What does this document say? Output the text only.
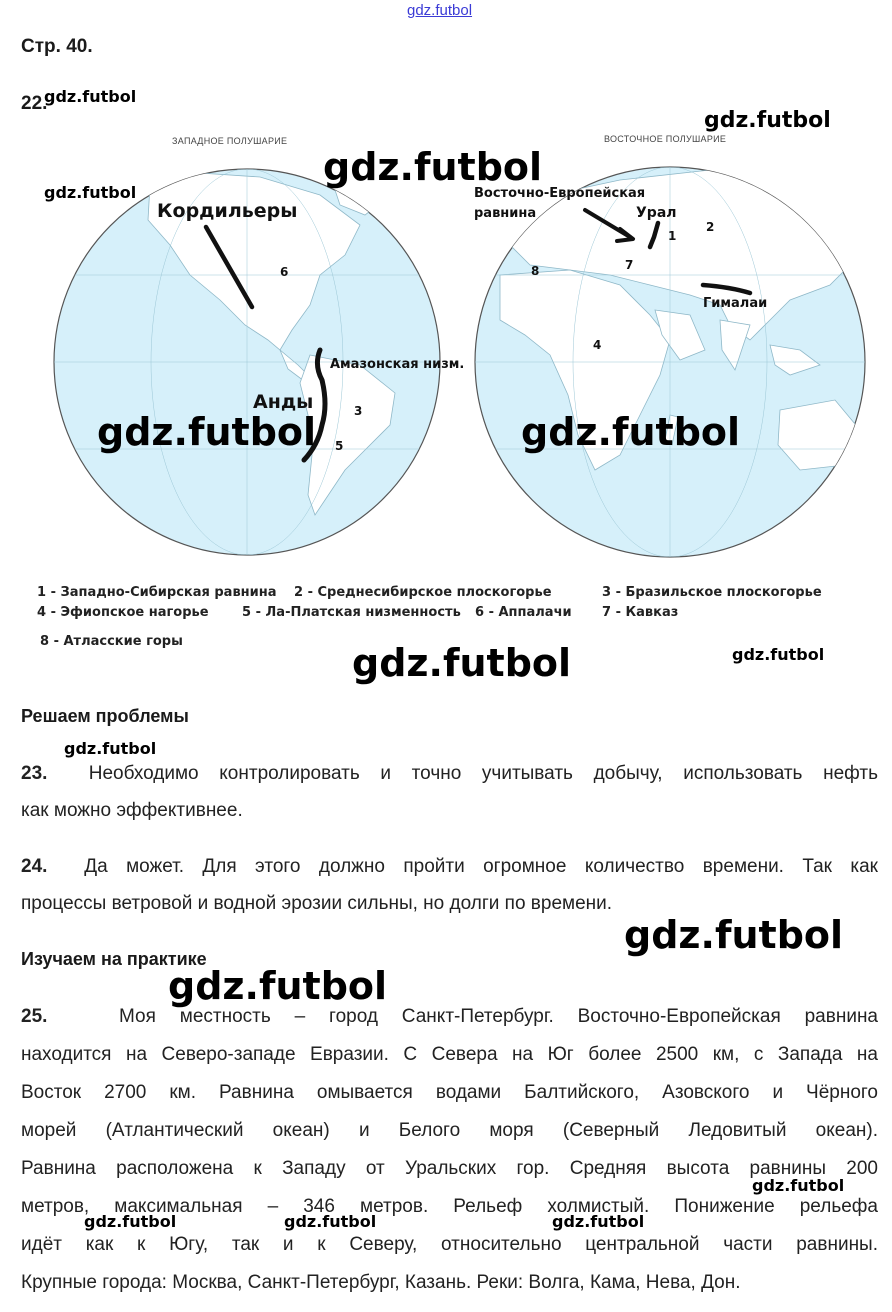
gdz.futbol
Стр. 40.
22.
ЗАПАДНОЕ ПОЛУШАРИЕ	ВОСТОЧНОЕ ПОЛУШАРИЕ
Кордильеры
Анды
Амазонская низм.
Восточно-Европейская
равнина	Урал
Гималаи
1
2
3
4
5
6	7
8
1 - Западно-Сибирская равнина 2 - Среднесибирское плоскогорье	3 - Бразильское плоскогорье
4 - Эфиопское нагорье	5 - Ла-Платская низменность 6 - Аппалачи 7 - Кавказ
8 - Атласские горы
Решаем проблемы
23. Необходимо контролировать и точно учитывать добычу, использовать нефть
как можно эффективнее.
24. Да может. Для этого должно пройти огромное количество времени. Так как
процессы ветровой и водной эрозии сильны, но долги по времени.
Изучаем на практике
25.	Моя местность – город Санкт-Петербург. Восточно-Европейская равнина
находится на Северо-западе Евразии. С Севера на Юг более 2500 км, с Запада на
Восток 2700 км. Равнина омывается водами Балтийского, Азовского и Чёрного
морей (Атлантический океан) и Белого моря (Северный Ледовитый океан).
Равнина расположена к Западу от Уральских гор. Средняя высота равнины 200
метров, максимальная – 346 метров. Рельеф холмистый. Понижение рельефа
идёт как к Югу, так и к Северу, относительно центральной части равнины.
Крупные города: Москва, Санкт-Петербург, Казань. Реки: Волга, Кама, Нева, Дон.
gdz.futbol
gdz.futbol
gdz.futbol
gdz.futbol
gdz.futbol	gdz.futbol
gdz.futbol	gdz.futbol
gdz.futbol
gdz.futbol
gdz.futbol
gdz.futbol
gdz.futbol	gdz.futbol	gdz.futbol
